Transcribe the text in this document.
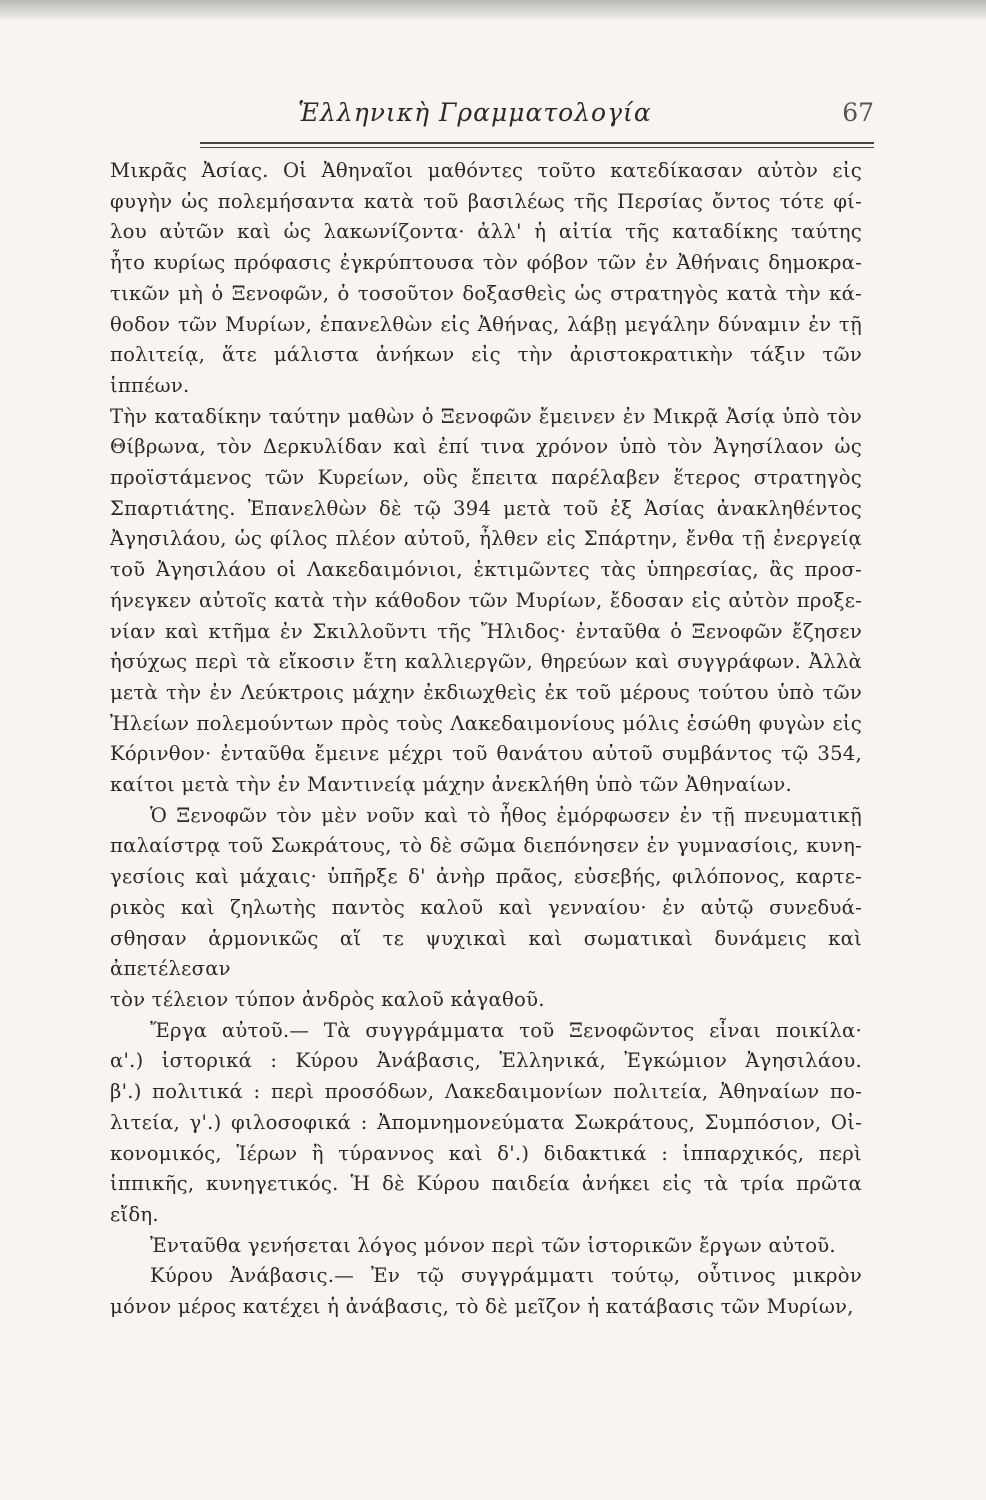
Ἑλληνικὴ Γραμματολογία	67

Μικρᾶς Ἀσίας. Οἱ Ἀθηναῖοι μαθόντες τοῦτο κατεδίκασαν αὐτὸν εἰς
φυγὴν ὡς πολεμήσαντα κατὰ τοῦ βασιλέως τῆς Περσίας ὄντος τότε φί-
λου αὐτῶν καὶ ὡς λακωνίζοντα· ἀλλ' ἡ αἰτία τῆς καταδίκης ταύτης
ἦτο κυρίως πρόφασις ἐγκρύπτουσα τὸν φόβον τῶν ἐν Ἀθήναις δημοκρα-
τικῶν μὴ ὁ Ξενοφῶν, ὁ τοσοῦτον δοξασθεὶς ὡς στρατηγὸς κατὰ τὴν κά-
θοδον τῶν Μυρίων, ἐπανελθὼν εἰς Ἀθήνας, λάβῃ μεγάλην δύναμιν ἐν τῇ
πολιτείᾳ, ἅτε μάλιστα ἀνήκων εἰς τὴν ἀριστοκρατικὴν τάξιν τῶν ἱππέων.
Τὴν καταδίκην ταύτην μαθὼν ὁ Ξενοφῶν ἔμεινεν ἐν Μικρᾷ Ἀσίᾳ ὑπὸ τὸν
Θίβρωνα, τὸν Δερκυλίδαν καὶ ἐπί τινα χρόνον ὑπὸ τὸν Ἀγησίλαον ὡς
προϊστάμενος τῶν Κυρείων, οὓς ἔπειτα παρέλαβεν ἕτερος στρατηγὸς
Σπαρτιάτης. Ἐπανελθὼν δὲ τῷ 394 μετὰ τοῦ ἐξ Ἀσίας ἀνακληθέντος
Ἀγησιλάου, ὡς φίλος πλέον αὐτοῦ, ἦλθεν εἰς Σπάρτην, ἔνθα τῇ ἐνεργείᾳ
τοῦ Ἀγησιλάου οἱ Λακεδαιμόνιοι, ἐκτιμῶντες τὰς ὑπηρεσίας, ἃς προσ-
ήνεγκεν αὐτοῖς κατὰ τὴν κάθοδον τῶν Μυρίων, ἔδοσαν εἰς αὐτὸν προξε-
νίαν καὶ κτῆμα ἐν Σκιλλοῦντι τῆς Ἤλιδος· ἐνταῦθα ὁ Ξενοφῶν ἔζησεν
ἡσύχως περὶ τὰ εἴκοσιν ἔτη καλλιεργῶν, θηρεύων καὶ συγγράφων. Ἀλλὰ
μετὰ τὴν ἐν Λεύκτροις μάχην ἐκδιωχθεὶς ἐκ τοῦ μέρους τούτου ὑπὸ τῶν
Ἠλείων πολεμούντων πρὸς τοὺς Λακεδαιμονίους μόλις ἐσώθη φυγὼν εἰς
Κόρινθον· ἐνταῦθα ἔμεινε μέχρι τοῦ θανάτου αὐτοῦ συμβάντος τῷ 354,
καίτοι μετὰ τὴν ἐν Μαντινείᾳ μάχην ἀνεκλήθη ὑπὸ τῶν Ἀθηναίων.

Ὁ Ξενοφῶν τὸν μὲν νοῦν καὶ τὸ ἦθος ἐμόρφωσεν ἐν τῇ πνευματικῇ
παλαίστρᾳ τοῦ Σωκράτους, τὸ δὲ σῶμα διεπόνησεν ἐν γυμνασίοις, κυνη-
γεσίοις καὶ μάχαις· ὑπῆρξε δ' ἀνὴρ πρᾶος, εὐσεβής, φιλόπονος, καρτε-
ρικὸς καὶ ζηλωτὴς παντὸς καλοῦ καὶ γενναίου· ἐν αὐτῷ συνεδυά-
σθησαν ἁρμονικῶς αἵ τε ψυχικαὶ καὶ σωματικαὶ δυνάμεις καὶ ἀπετέλεσαν
τὸν τέλειον τύπον ἀνδρὸς καλοῦ κἀγαθοῦ.

Ἔργα αὐτοῦ.— Τὰ συγγράμματα τοῦ Ξενοφῶντος εἶναι ποικίλα·
α'.) ἱστορικά : Κύρου Ἀνάβασις, Ἑλληνικά, Ἐγκώμιον Ἀγησιλάου.
β'.) πολιτικά : περὶ προσόδων, Λακεδαιμονίων πολιτεία, Ἀθηναίων πο-
λιτεία, γ'.) φιλοσοφικά : Ἀπομνημονεύματα Σωκράτους, Συμπόσιον, Οἰ-
κονομικός, Ἱέρων ἢ τύραννος καὶ δ'.) διδακτικά : ἱππαρχικός, περὶ
ἱππικῆς, κυνηγετικός. Ἡ δὲ Κύρου παιδεία ἀνήκει εἰς τὰ τρία πρῶτα
εἴδη.

Ἐνταῦθα γενήσεται λόγος μόνον περὶ τῶν ἱστορικῶν ἔργων αὐτοῦ.

Κύρου Ἀνάβασις.— Ἐν τῷ συγγράμματι τούτῳ, οὗτινος μικρὸν
μόνον μέρος κατέχει ἡ ἀνάβασις, τὸ δὲ μεῖζον ἡ κατάβασις τῶν Μυρίων,
